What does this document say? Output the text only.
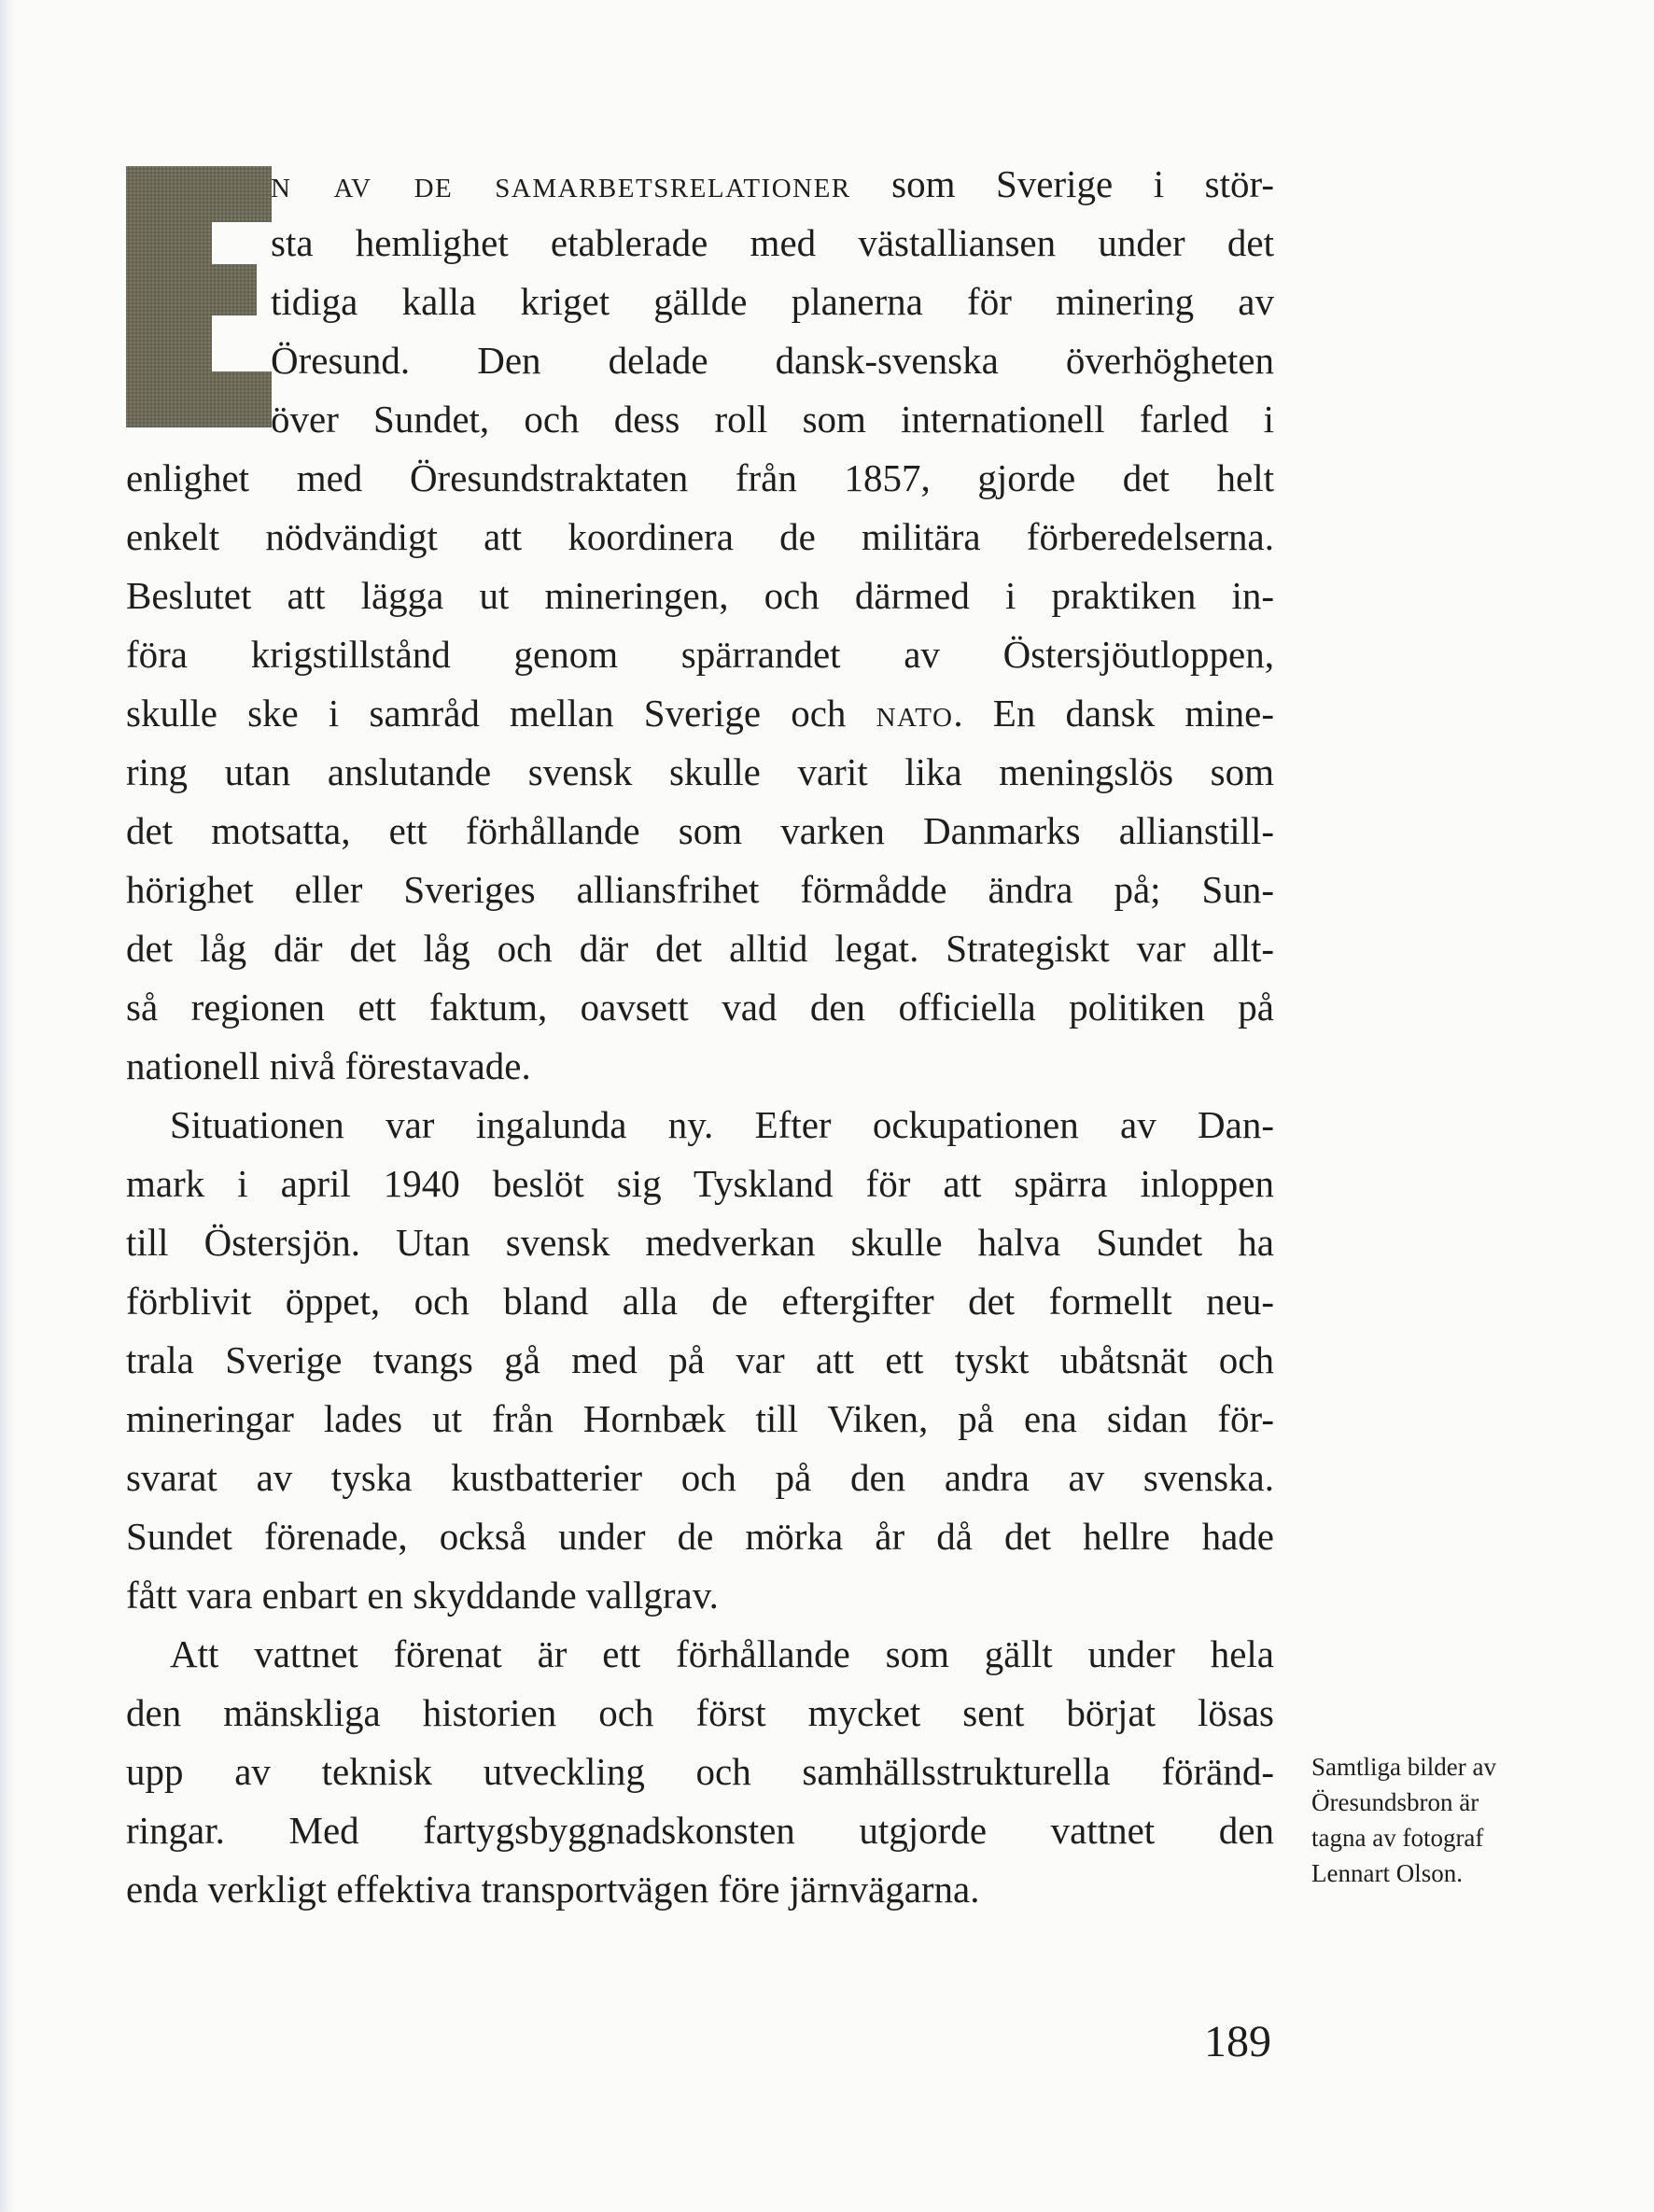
n av de samarbetsrelationer som Sverige i stör-
sta hemlighet etablerade med västalliansen under det
tidiga kalla kriget gällde planerna för minering av
Öresund. Den delade dansk-svenska överhögheten
över Sundet, och dess roll som internationell farled i
enlighet med Öresundstraktaten från 1857, gjorde det helt
enkelt nödvändigt att koordinera de militära förberedelserna.
Beslutet att lägga ut mineringen, och därmed i praktiken in-
föra krigstillstånd genom spärrandet av Östersjöutloppen,
skulle ske i samråd mellan Sverige och nato. En dansk mine-
ring utan anslutande svensk skulle varit lika meningslös som
det motsatta, ett förhållande som varken Danmarks allianstill-
hörighet eller Sveriges alliansfrihet förmådde ändra på; Sun-
det låg där det låg och där det alltid legat. Strategiskt var allt-
så regionen ett faktum, oavsett vad den officiella politiken på
nationell nivå förestavade.
Situationen var ingalunda ny. Efter ockupationen av Dan-
mark i april 1940 beslöt sig Tyskland för att spärra inloppen
till Östersjön. Utan svensk medverkan skulle halva Sundet ha
förblivit öppet, och bland alla de eftergifter det formellt neu-
trala Sverige tvangs gå med på var att ett tyskt ubåtsnät och
mineringar lades ut från Hornbæk till Viken, på ena sidan för-
svarat av tyska kustbatterier och på den andra av svenska.
Sundet förenade, också under de mörka år då det hellre hade
fått vara enbart en skyddande vallgrav.
Att vattnet förenat är ett förhållande som gällt under hela
den mänskliga historien och först mycket sent börjat lösas
upp av teknisk utveckling och samhällsstrukturella föränd-
ringar. Med fartygsbyggnadskonsten utgjorde vattnet den
enda verkligt effektiva transportvägen före järnvägarna.
Samtliga bilder av
Öresundsbron är
tagna av fotograf
Lennart Olson.
189
